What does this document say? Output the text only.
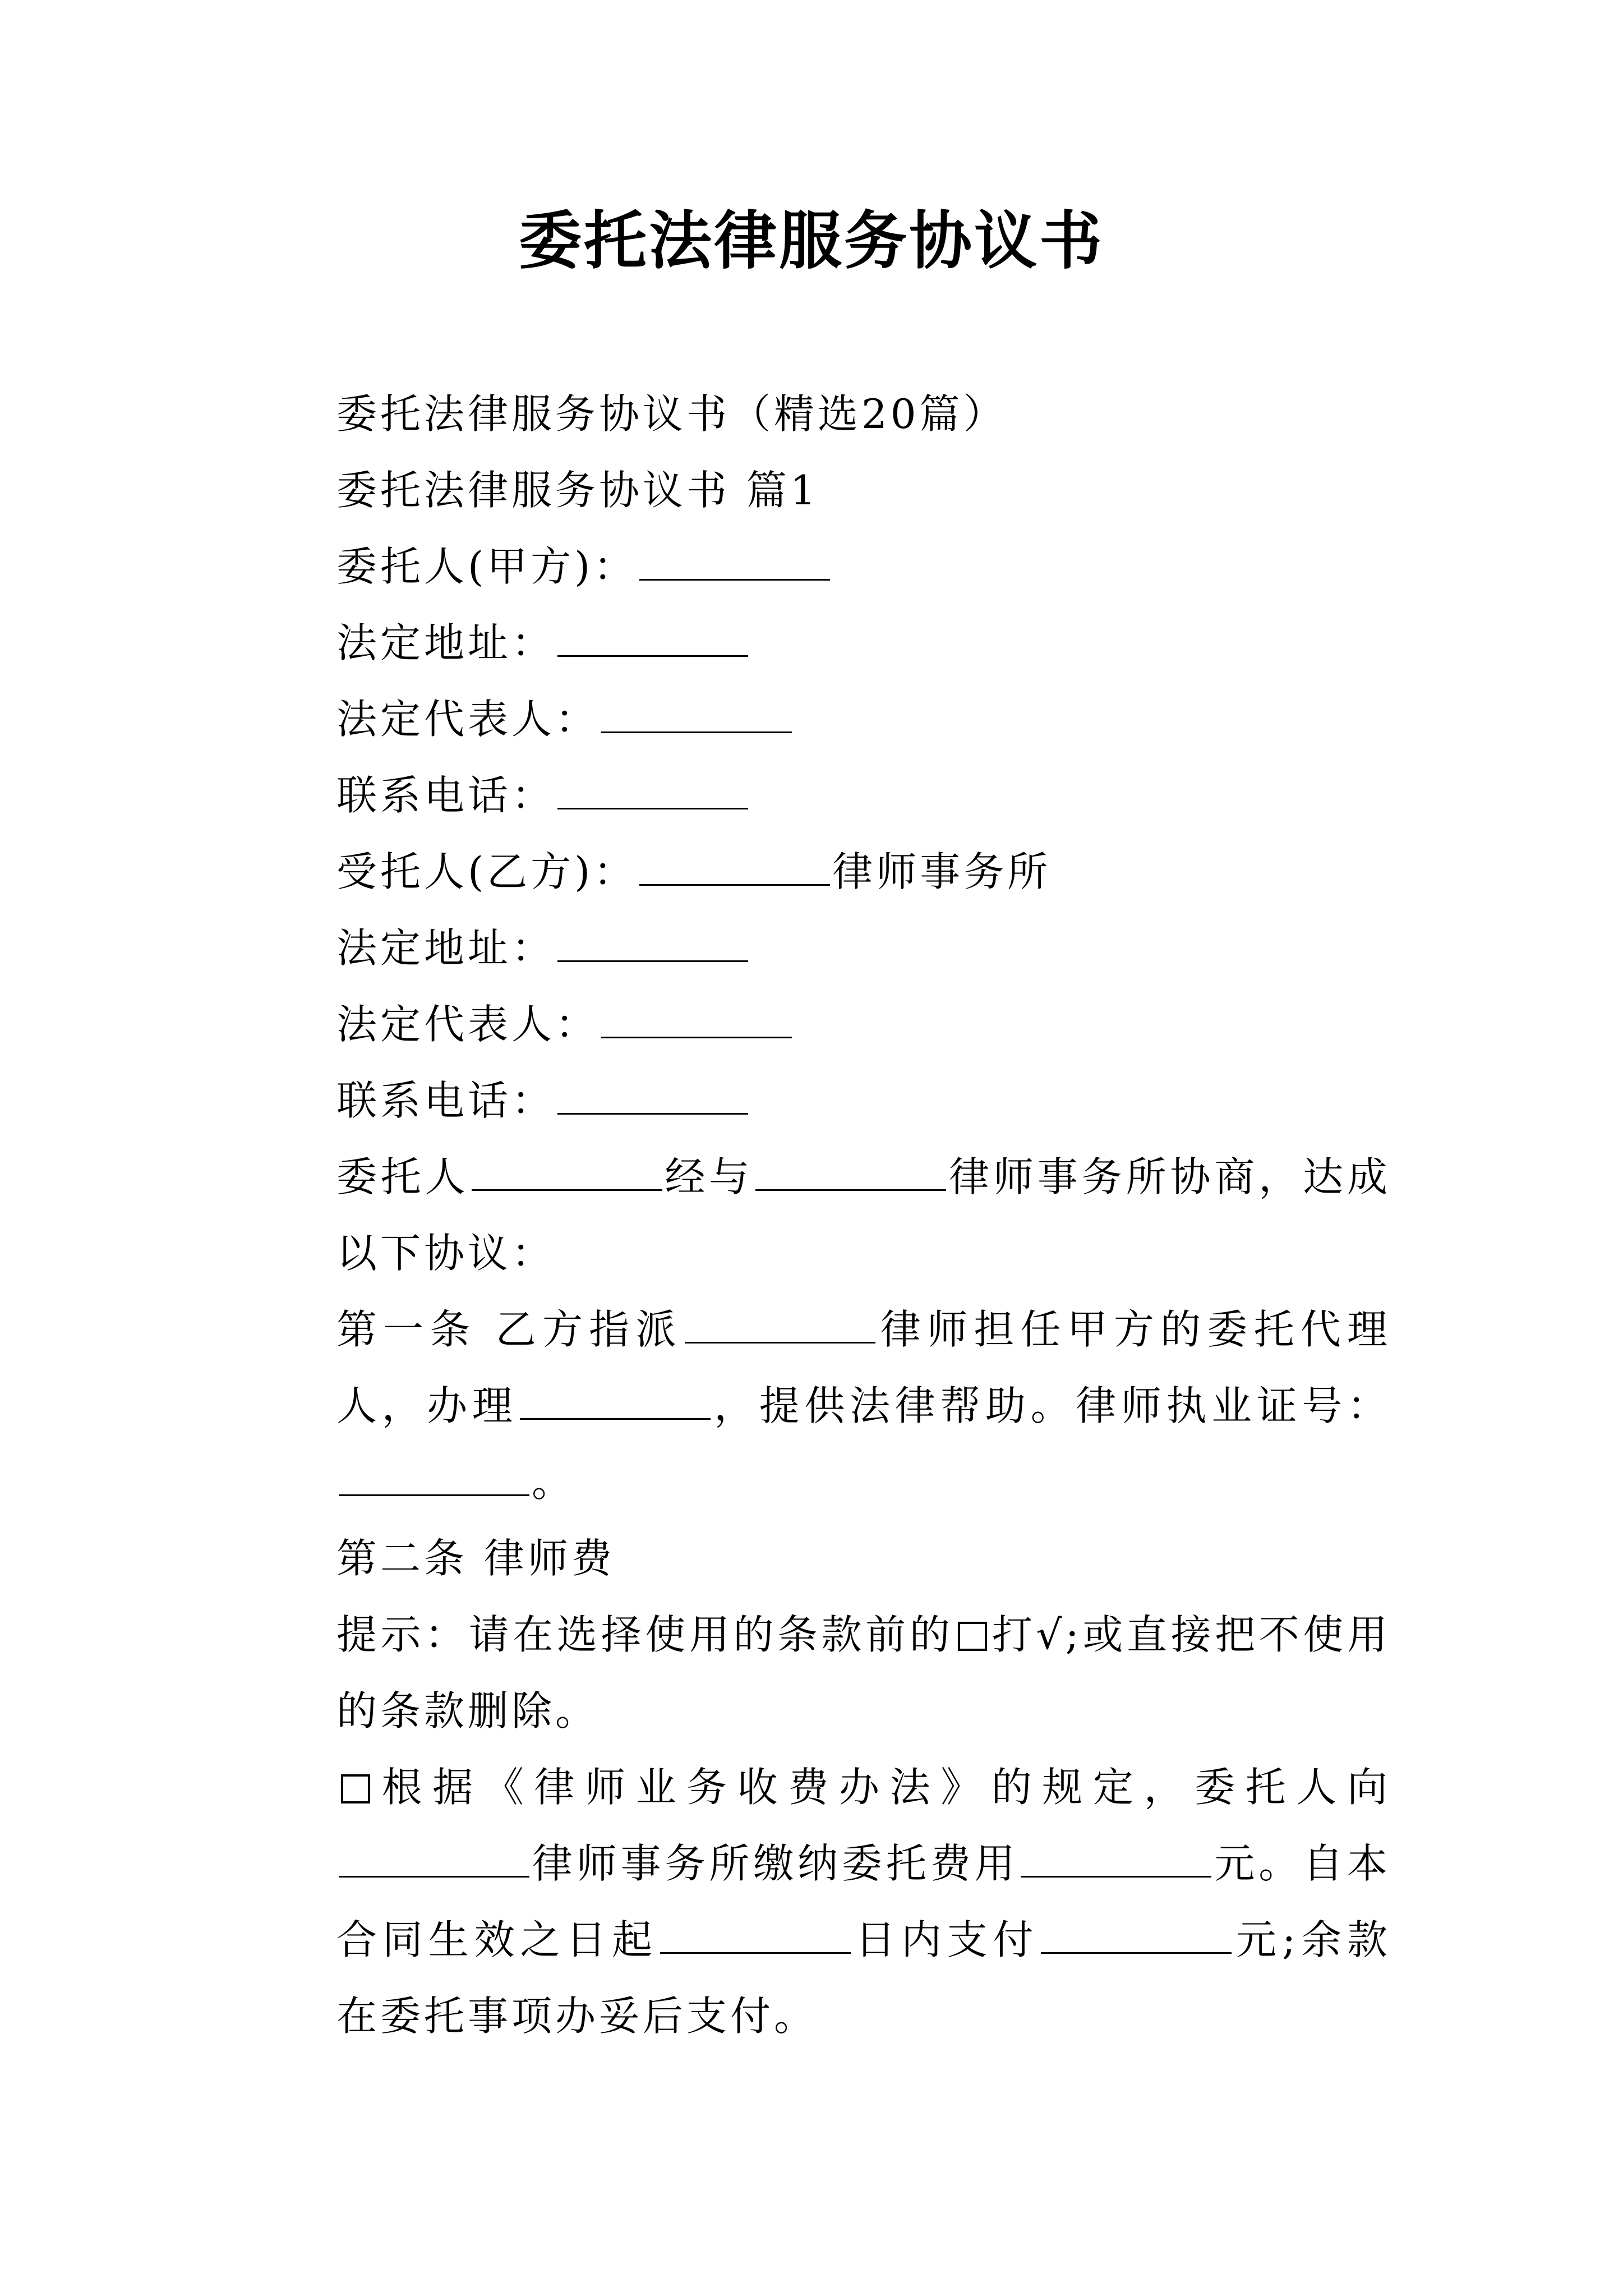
委托法律服务协议书

委托法律服务协议书（精选20篇）

委托法律服务协议书 篇1

委托人(甲方)：

法定地址：

法定代表人：

联系电话：

受托人(乙方)：	律师事务所

法定地址：

法定代表人：

联系电话：

委托人	经与	律师事务所协商，达成以下协议：

第一条 乙方指派	律师担任甲方的委托代理人，办理	，提供法律帮助。律师执业证号：。

第二条 律师费

提示：请在选择使用的条款前的 打√;或直接把不使用的条款删除。

根据《律师业务收费办法》的规定，委托人向律师事务所缴纳委托费用	元。自本合同生效之日起	日内支付	元;余款在委托事项办妥后支付。
